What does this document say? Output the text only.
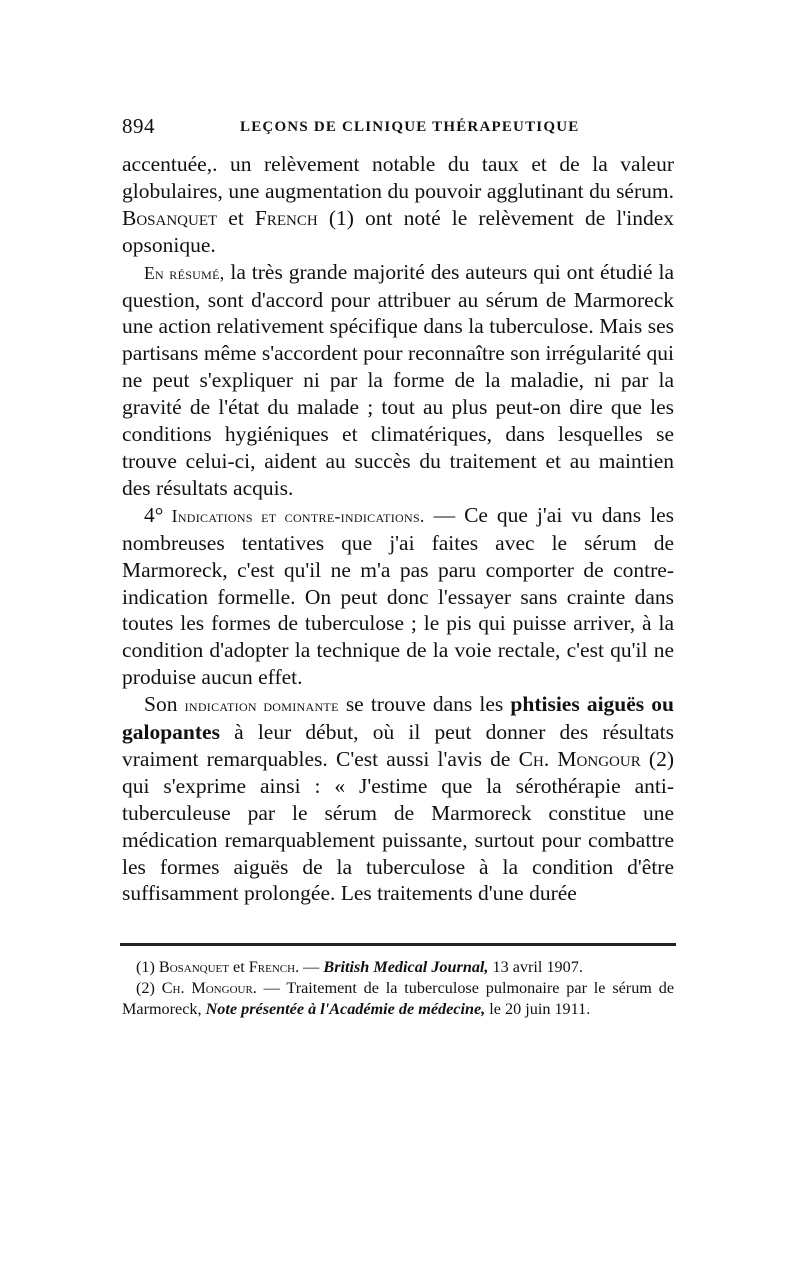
894	LEÇONS DE CLINIQUE THÉRAPEUTIQUE

accentuée,. un relèvement notable du taux et de la valeur globulaires, une augmentation du pouvoir agglutinant du sérum. Bosanquet et French (1) ont noté le relèvement de l'index opsonique.

En résumé, la très grande majorité des auteurs qui ont étudié la question, sont d'accord pour attribuer au sérum de Marmoreck une action relativement spécifique dans la tuberculose. Mais ses partisans même s'accordent pour reconnaître son irrégularité qui ne peut s'expliquer ni par la forme de la maladie, ni par la gravité de l'état du malade ; tout au plus peut-on dire que les conditions hygiéniques et climatériques, dans lesquelles se trouve celui-ci, aident au succès du traitement et au maintien des résultats acquis.

4° Indications et contre-indications. — Ce que j'ai vu dans les nombreuses tentatives que j'ai faites avec le sérum de Marmoreck, c'est qu'il ne m'a pas paru comporter de contre-indication formelle. On peut donc l'essayer sans crainte dans toutes les formes de tuberculose ; le pis qui puisse arriver, à la condition d'adopter la technique de la voie rectale, c'est qu'il ne produise aucun effet.

Son indication dominante se trouve dans les phtisies aiguës ou galopantes à leur début, où il peut donner des résultats vraiment remarquables. C'est aussi l'avis de Ch. Mongour (2) qui s'exprime ainsi : « J'estime que la sérothérapie anti-tuberculeuse par le sérum de Marmoreck constitue une médication remarquablement puissante, surtout pour combattre les formes aiguës de la tuberculose à la condition d'être suffisamment prolongée. Les traitements d'une durée

(1) Bosanquet et French. — British Medical Journal, 13 avril 1907.

(2) Ch. Mongour. — Traitement de la tuberculose pulmonaire par le sérum de Marmoreck, Note présentée à l'Académie de médecine, le 20 juin 1911.
